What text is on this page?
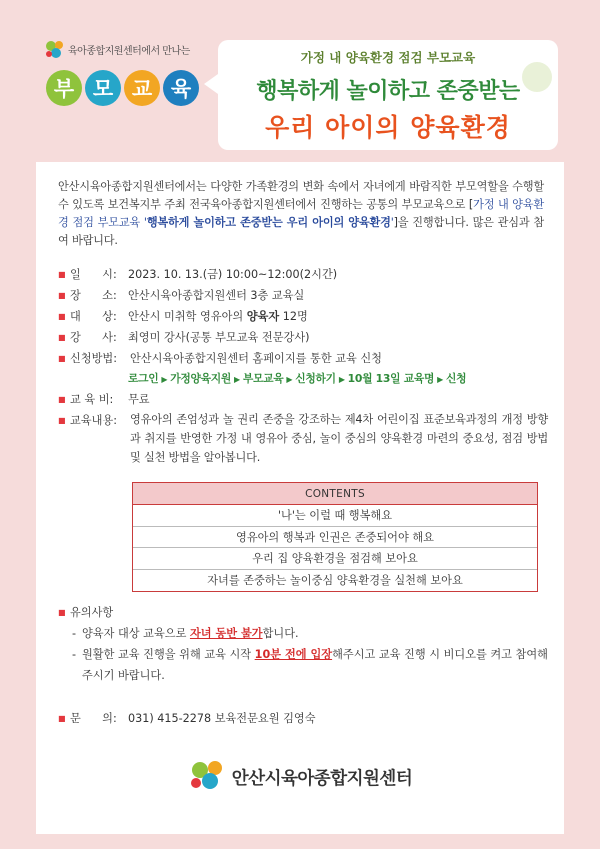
육아종합지원센터에서 만나는
부 모 교 육
가정 내 양육환경 점검 부모교육
행복하게 놀이하고 존중받는
우리 아이의 양육환경
안산시육아종합지원센터에서는 다양한 가족환경의 변화 속에서 자녀에게 바람직한 부모역할을 수행할 수 있도록 보건복지부 주최 전국육아종합지원센터에서 진행하는 공통의 부모교육으로 [가정 내 양육환경 점검 부모교육 '행복하게 놀이하고 존중받는 우리 아이의 양육환경']을 진행합니다. 많은 관심과 참여 바랍니다.
■ 일      시:	2023. 10. 13.(금) 10:00~12:00(2시간)
■ 장      소:	안산시육아종합지원센터 3층 교육실
■ 대      상:	안산시 미취학 영유아의 양육자 12명
■ 강      사:	최영미 강사(공통 부모교육 전문강사)
■ 신청방법:	안산시육아종합지원센터 홈페이지를 통한 교육 신청
로그인 ▶ 가정양육지원 ▶ 부모교육 ▶ 신청하기 ▶ 10월 13일 교육명 ▶ 신청
■ 교 육 비:	무료
■ 교육내용:	영유아의 존엄성과 놀 권리 존중을 강조하는 제4차 어린이집 표준보육과정의 개정 방향과 취지를 반영한 가정 내 영유아 중심, 놀이 중심의 양육환경 마련의 중요성, 점검 방법 및 실천 방법을 알아봅니다.
CONTENTS
'나'는 이럴 때 행복해요
영유아의 행복과 인권은 존중되어야 해요
우리 집 양육환경을 점검해 보아요
자녀를 존중하는 놀이중심 양육환경을 실천해 보아요
■ 유의사항
- 양육자 대상 교육으로 자녀 동반 불가합니다.
- 원활한 교육 진행을 위해 교육 시작 10분 전에 입장해주시고 교육 진행 시 비디오를 켜고 참여해주시기 바랍니다.
■ 문      의:	031) 415-2278 보육전문요원 김영숙
안산시육아종합지원센터
